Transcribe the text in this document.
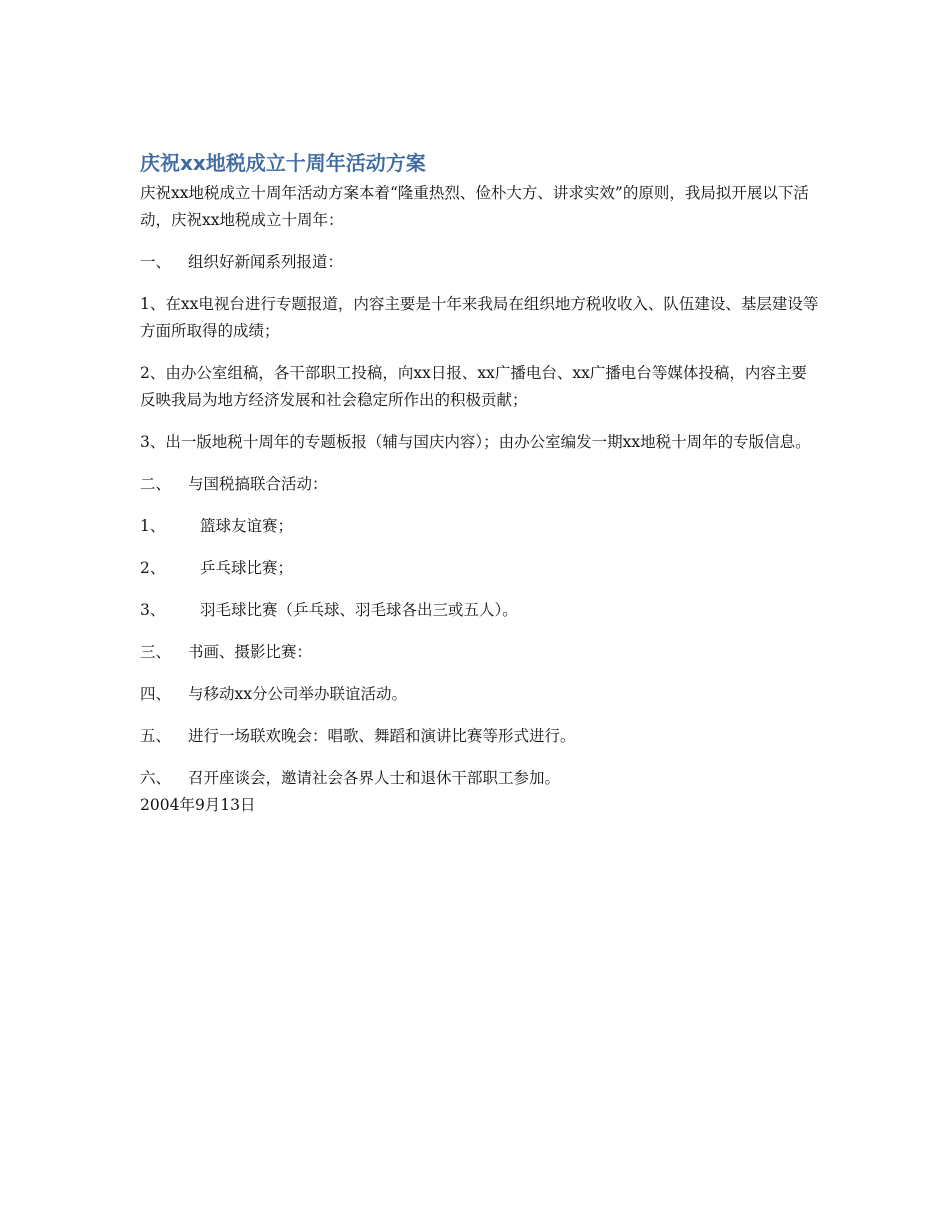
庆祝xx地税成立十周年活动方案
庆祝xx地税成立十周年活动方案本着“隆重热烈、俭朴大方、讲求实效”的原则，我局拟开展以下活动，庆祝xx地税成立十周年：
一、	组织好新闻系列报道：
1、在xx电视台进行专题报道，内容主要是十年来我局在组织地方税收收入、队伍建设、基层建设等方面所取得的成绩；
2、由办公室组稿，各干部职工投稿，向xx日报、xx广播电台、xx广播电台等媒体投稿，内容主要反映我局为地方经济发展和社会稳定所作出的积极贡献；
3、出一版地税十周年的专题板报（辅与国庆内容）；由办公室编发一期xx地税十周年的专版信息。
二、	与国税搞联合活动：
1、	篮球友谊赛；
2、	乒乓球比赛；
3、	羽毛球比赛（乒乓球、羽毛球各出三或五人）。
三、	书画、摄影比赛：
四、	与移动xx分公司举办联谊活动。
五、	进行一场联欢晚会：唱歌、舞蹈和演讲比赛等形式进行。
六、	召开座谈会，邀请社会各界人士和退休干部职工参加。
2004年9月13日
